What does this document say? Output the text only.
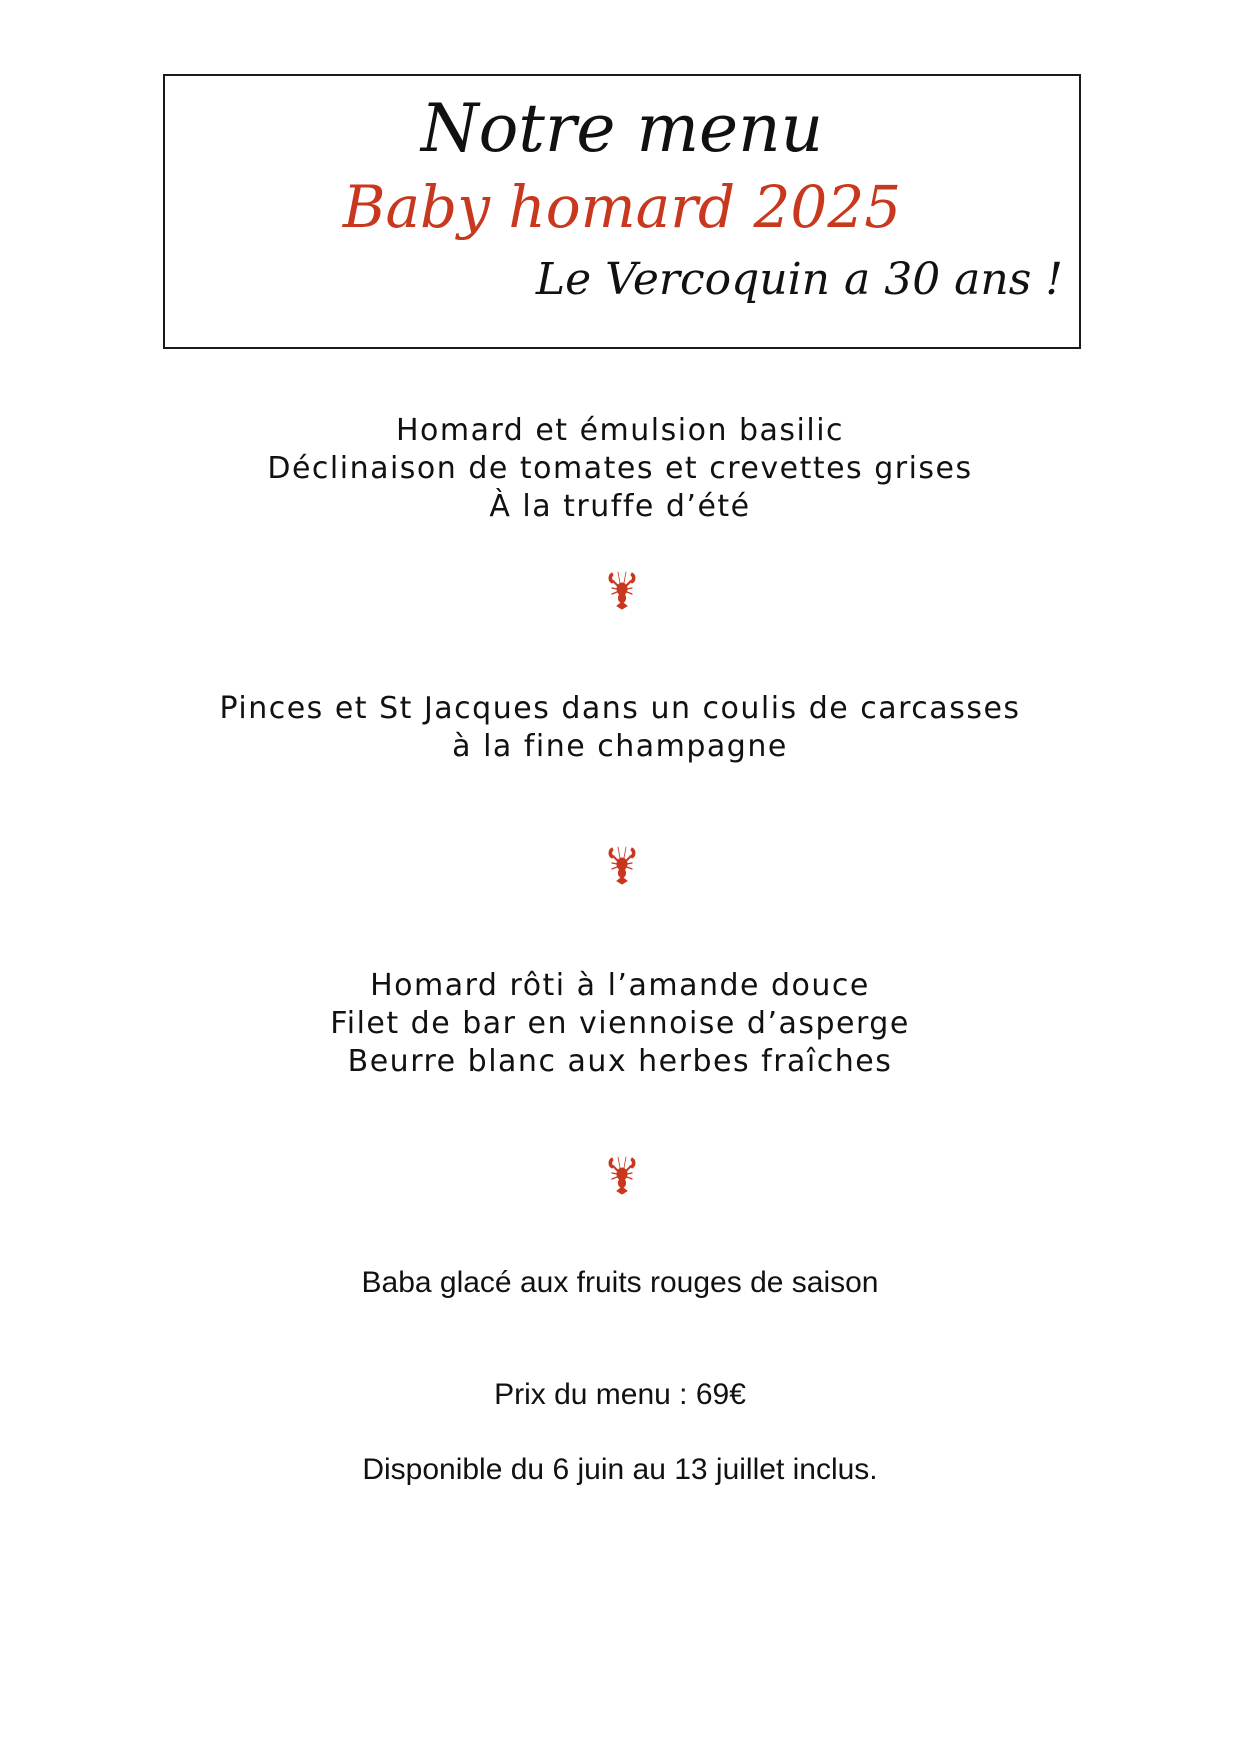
Notre menu
Baby homard 2025
Le Vercoquin a 30 ans !
Homard et émulsion basilic
Déclinaison de tomates et crevettes grises
À la truffe d’été
Pinces et St Jacques dans un coulis de carcasses
à la fine champagne
Homard rôti à l’amande douce
Filet de bar en viennoise d’asperge
Beurre blanc aux herbes fraîches
Baba glacé aux fruits rouges de saison
Prix du menu : 69€
Disponible du 6 juin au 13 juillet inclus.
